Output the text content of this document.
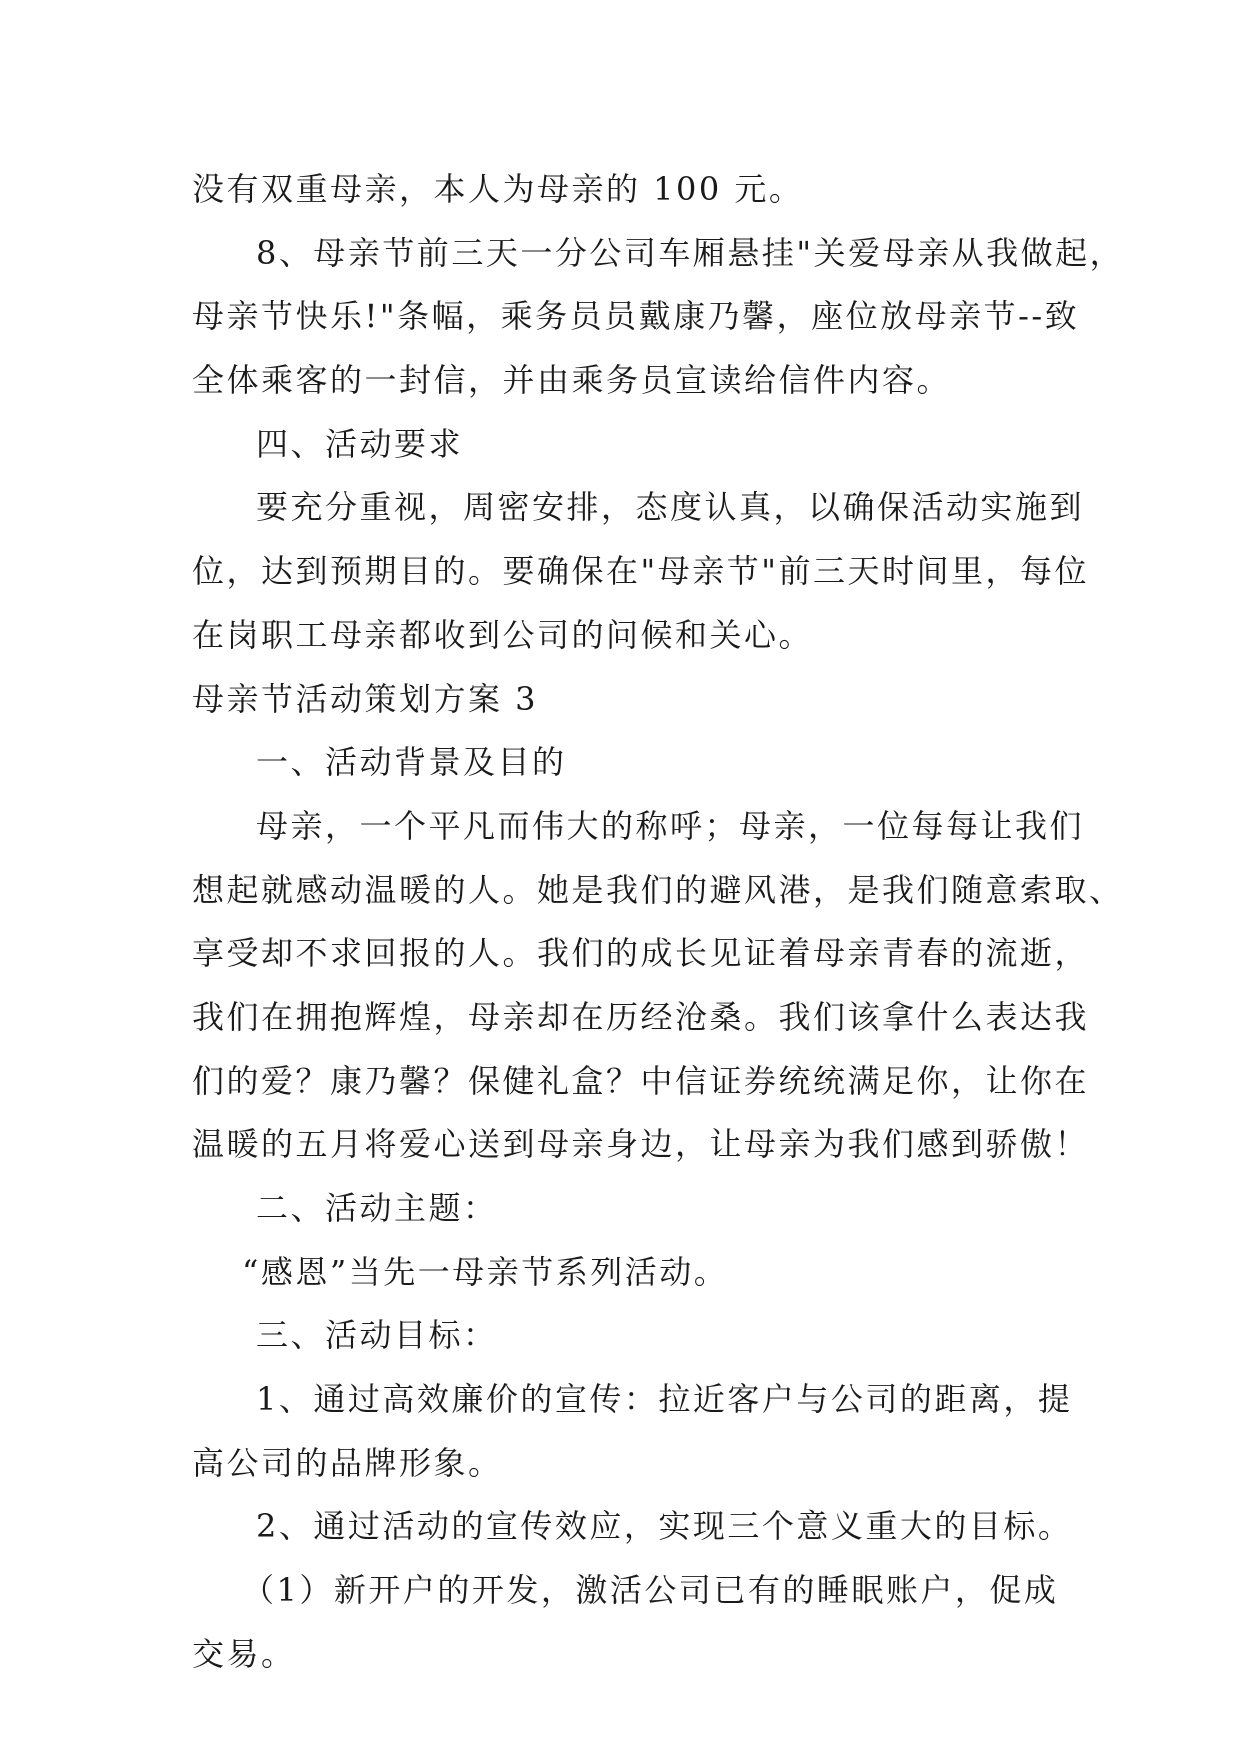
没有双重母亲，本人为母亲的 100 元。
8、母亲节前三天一分公司车厢悬挂"关爱母亲从我做起，
母亲节快乐!"条幅，乘务员员戴康乃馨，座位放母亲节--致
全体乘客的一封信，并由乘务员宣读给信件内容。
四、活动要求
要充分重视，周密安排，态度认真，以确保活动实施到
位，达到预期目的。要确保在"母亲节"前三天时间里，每位
在岗职工母亲都收到公司的问候和关心。
母亲节活动策划方案 3
一、活动背景及目的
母亲，一个平凡而伟大的称呼；母亲，一位每每让我们
想起就感动温暖的人。她是我们的避风港，是我们随意索取、
享受却不求回报的人。我们的成长见证着母亲青春的流逝，
我们在拥抱辉煌，母亲却在历经沧桑。我们该拿什么表达我
们的爱？康乃馨？保健礼盒？中信证券统统满足你，让你在
温暖的五月将爱心送到母亲身边，让母亲为我们感到骄傲！
二、活动主题：
“感恩”当先一母亲节系列活动。
三、活动目标：
1、通过高效廉价的宣传：拉近客户与公司的距离，提
高公司的品牌形象。
2、通过活动的宣传效应，实现三个意义重大的目标。
（1）新开户的开发，激活公司已有的睡眠账户，促成
交易。
